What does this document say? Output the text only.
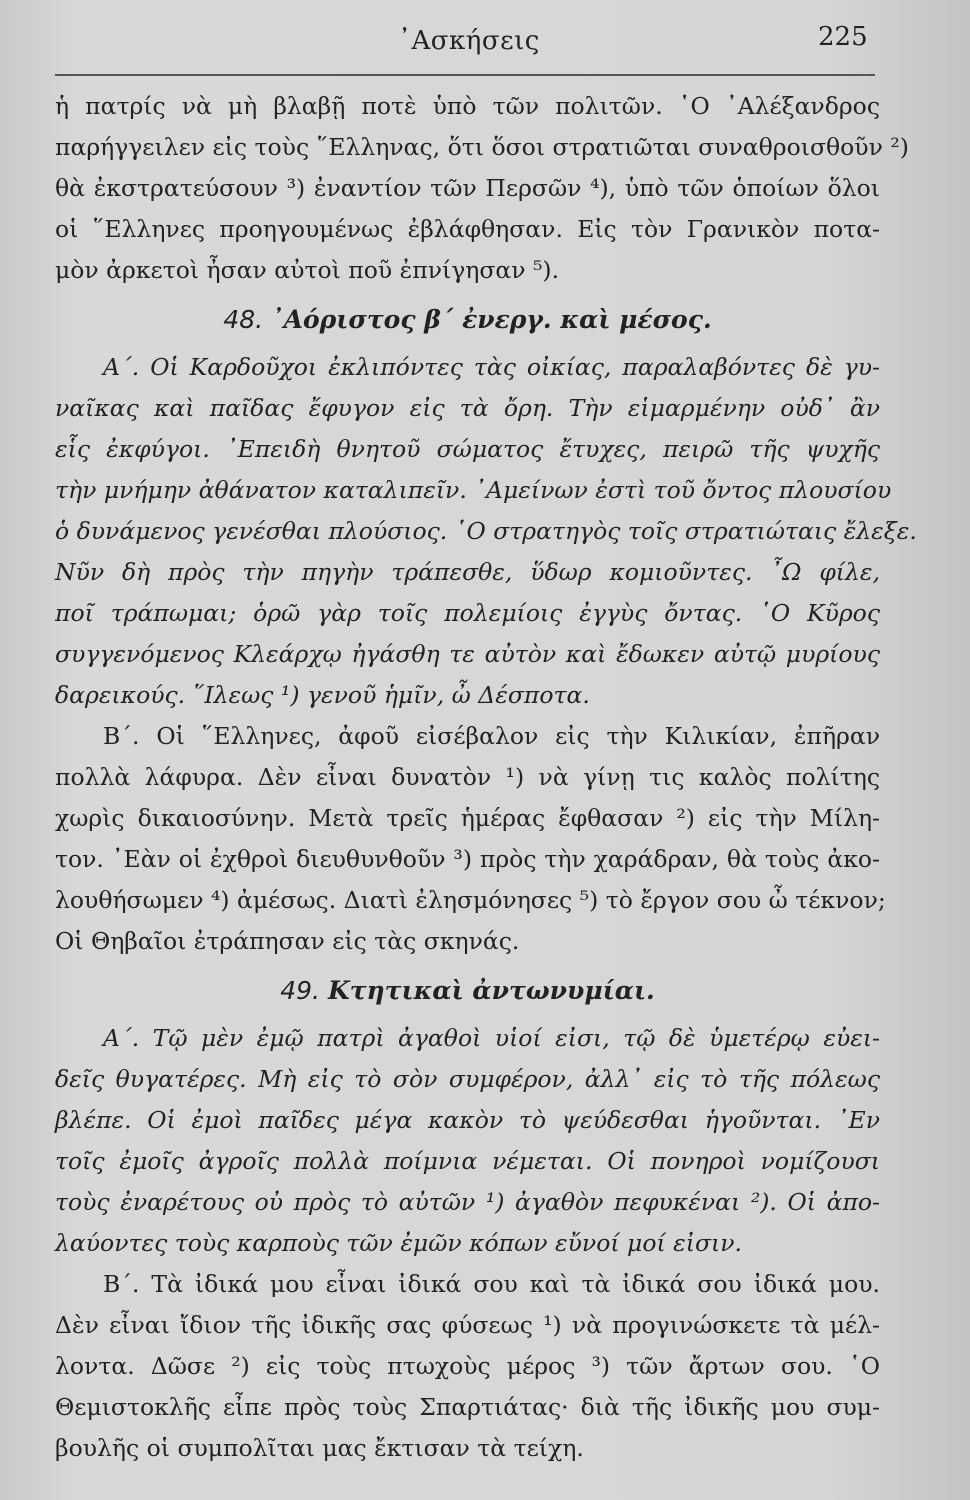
᾿Ασκήσεις	225
ἡ πατρίς νὰ μὴ βλαβῇ ποτὲ ὑπὸ τῶν πολιτῶν. ῾Ο ᾿Αλέξανδρος
παρήγγειλεν εἰς τοὺς ῞Ελληνας, ὅτι ὅσοι στρατιῶται συναθροισθοῦν ²)
θὰ ἐκστρατεύσουν ³) ἐναντίον τῶν Περσῶν ⁴), ὑπὸ τῶν ὁποίων ὅλοι
οἱ ῞Ελληνες προηγουμένως ἐβλάφθησαν. Εἰς τὸν Γρανικὸν ποτα-
μὸν ἀρκετοὶ ἦσαν αὐτοὶ ποῦ ἐπνίγησαν ⁵).
48. ᾿Αόριστος β΄ ἐνεργ. καὶ μέσος.
Α΄. Οἱ Καρδοῦχοι ἐκλιπόντες τὰς οἰκίας, παραλαβόντες δὲ γυ-
ναῖκας καὶ παῖδας ἔφυγον εἰς τὰ ὄρη. Τὴν εἱμαρμένην οὐδ᾿ ἂν
εἷς ἐκφύγοι. ᾿Επειδὴ θνητοῦ σώματος ἔτυχες, πειρῶ τῆς ψυχῆς
τὴν μνήμην ἀθάνατον καταλιπεῖν. ᾿Αμείνων ἐστὶ τοῦ ὄντος πλουσίου
ὁ δυνάμενος γενέσθαι πλούσιος. ῾Ο στρατηγὸς τοῖς στρατιώταις ἔλεξε.
Νῦν δὴ πρὸς τὴν πηγὴν τράπεσθε, ὕδωρ κομιοῦντες. ῏Ω φίλε,
ποῖ τράπωμαι; ὁρῶ γὰρ τοῖς πολεμίοις ἐγγὺς ὄντας. ῾Ο Κῦρος
συγγενόμενος Κλεάρχῳ ἠγάσθη τε αὐτὸν καὶ ἔδωκεν αὐτῷ μυρίους
δαρεικούς. ῞Ιλεως ¹) γενοῦ ἡμῖν, ὦ Δέσποτα.
Β΄. Οἱ ῞Ελληνες, ἀφοῦ εἰσέβαλον εἰς τὴν Κιλικίαν, ἐπῆραν
πολλὰ λάφυρα. Δὲν εἶναι δυνατὸν ¹) νὰ γίνῃ τις καλὸς πολίτης
χωρὶς δικαιοσύνην. Μετὰ τρεῖς ἡμέρας ἔφθασαν ²) εἰς τὴν Μίλη-
τον. ᾿Εὰν οἱ ἐχθροὶ διευθυνθοῦν ³) πρὸς τὴν χαράδραν, θὰ τοὺς ἀκο-
λουθήσωμεν ⁴) ἀμέσως. Διατὶ ἐλησμόνησες ⁵) τὸ ἔργον σου ὦ τέκνον;
Οἱ Θηβαῖοι ἐτράπησαν εἰς τὰς σκηνάς.
49. Κτητικαὶ ἀντωνυμίαι.
Α΄. Τῷ μὲν ἐμῷ πατρὶ ἀγαθοὶ υἱοί εἰσι, τῷ δὲ ὑμετέρῳ εὐει-
δεῖς θυγατέρες. Μὴ εἰς τὸ σὸν συμφέρον, ἀλλ᾿ εἰς τὸ τῆς πόλεως
βλέπε. Οἱ ἐμοὶ παῖδες μέγα κακὸν τὸ ψεύδεσθαι ἡγοῦνται. ᾿Εν
τοῖς ἐμοῖς ἀγροῖς πολλὰ ποίμνια νέμεται. Οἱ πονηροὶ νομίζουσι
τοὺς ἐναρέτους οὐ πρὸς τὸ αὐτῶν ¹) ἀγαθὸν πεφυκέναι ²). Οἱ ἀπο-
λαύοντες τοὺς καρποὺς τῶν ἐμῶν κόπων εὔνοί μοί εἰσιν.
Β΄. Τὰ ἰδικά μου εἶναι ἰδικά σου καὶ τὰ ἰδικά σου ἰδικά μου.
Δὲν εἶναι ἴδιον τῆς ἰδικῆς σας φύσεως ¹) νὰ προγινώσκετε τὰ μέλ-
λοντα. Δῶσε ²) εἰς τοὺς πτωχοὺς μέρος ³) τῶν ἄρτων σου. ῾Ο
Θεμιστοκλῆς εἶπε πρὸς τοὺς Σπαρτιάτας· διὰ τῆς ἰδικῆς μου συμ-
βουλῆς οἱ συμπολῖται μας ἔκτισαν τὰ τείχη.
